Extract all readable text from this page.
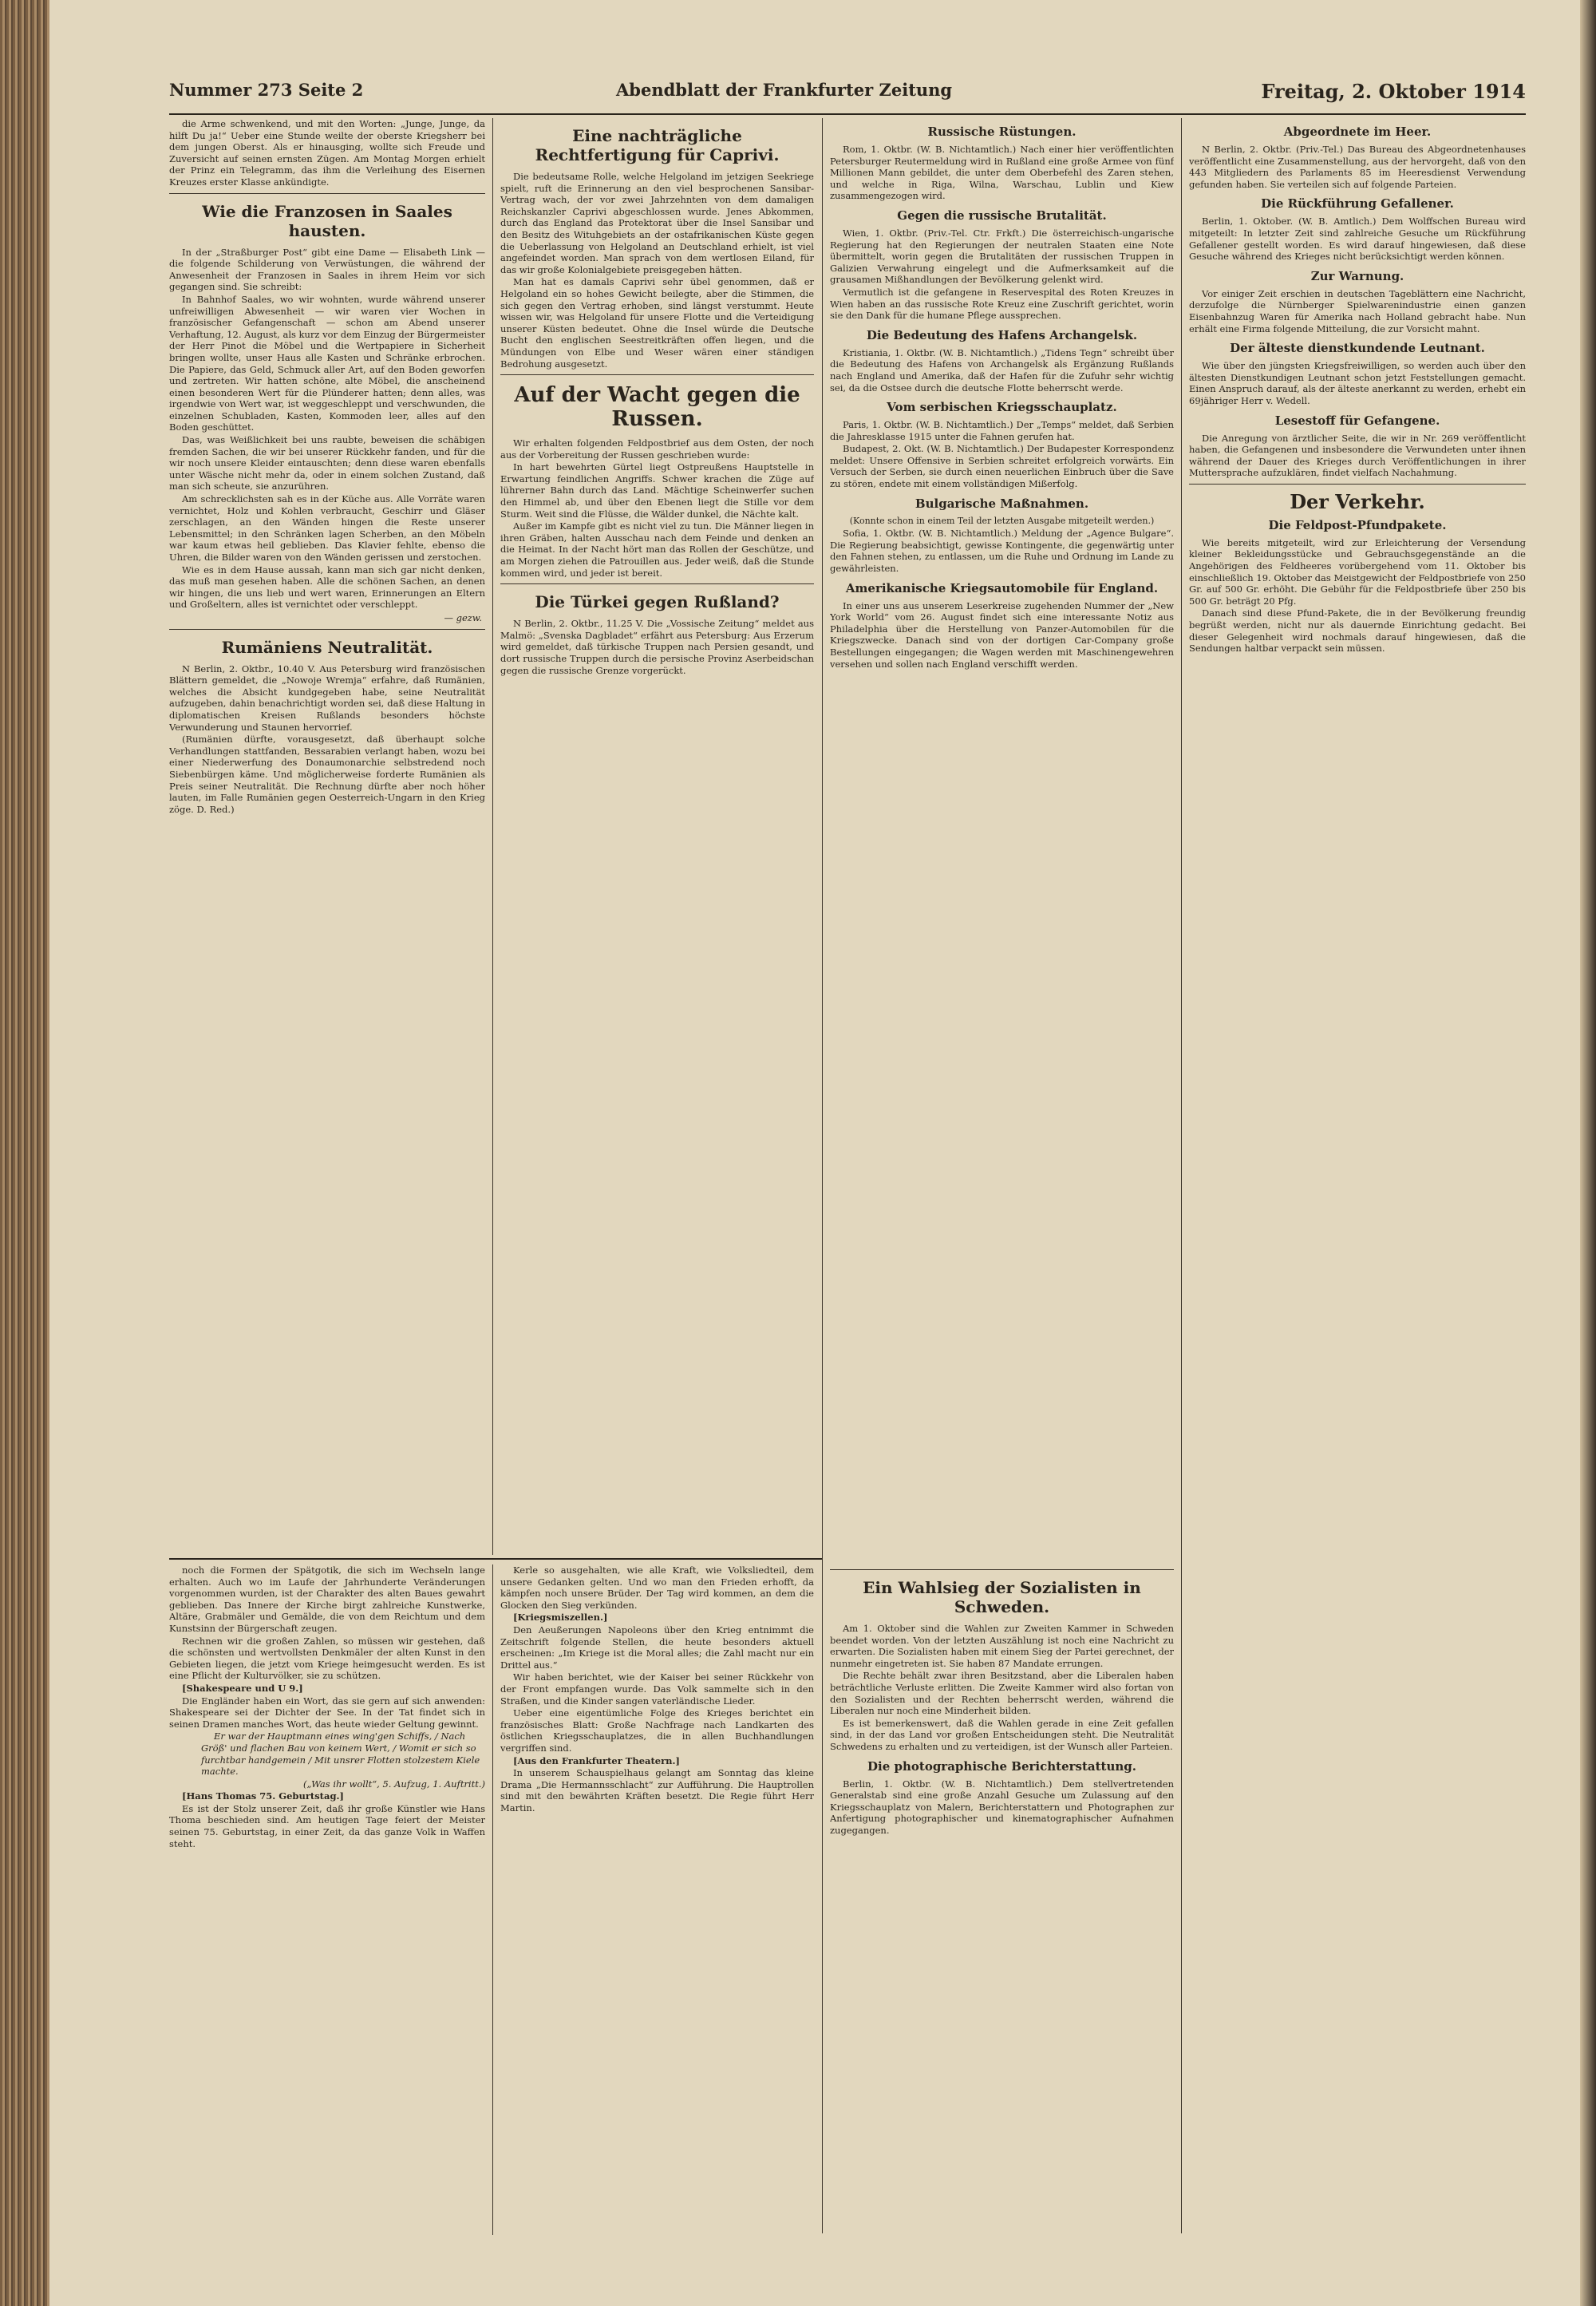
Nummer 273 Seite 2	Abendblatt der Frankfurter Zeitung	Freitag, 2. Oktober 1914

die Arme schwenkend, und mit den Worten: „Junge, Junge, da hilft Du ja!“ Ueber eine Stunde weilte der oberste Kriegsherr bei dem jungen Oberst. Als er hinausging, wollte sich Freude und Zuversicht auf seinen ernsten Zügen. Am Montag Morgen erhielt der Prinz ein Telegramm, das ihm die Verleihung des Eisernen Kreuzes erster Klasse ankündigte.

Wie die Franzosen in Saales hausten.

In der „Straßburger Post“ gibt eine Dame — Elisabeth Link — die folgende Schilderung von Verwüstungen, die während der Anwesenheit der Franzosen in Saales in ihrem Heim vor sich gegangen sind. Sie schreibt:

In Bahnhof Saales, wo wir wohnten, wurde während unserer unfreiwilligen Abwesenheit — wir waren vier Wochen in französischer Gefangenschaft — schon am Abend unserer Verhaftung, 12. August, als kurz vor dem Einzug der Bürgermeister der Herr Pinot die Möbel und die Wertpapiere in Sicherheit bringen wollte, unser Haus alle Kasten und Schränke erbrochen. Die Papiere, das Geld, Schmuck aller Art, auf den Boden geworfen und zertreten. Wir hatten schöne, alte Möbel, die anscheinend einen besonderen Wert für die Plünderer hatten; denn alles, was irgendwie von Wert war, ist weggeschleppt und verschwunden, die einzelnen Schubladen, Kasten, Kommoden leer, alles auf den Boden geschüttet.

Das, was Weißlichkeit bei uns raubte, beweisen die schäbigen fremden Sachen, die wir bei unserer Rückkehr fanden, und für die wir noch unsere Kleider eintauschten; denn diese waren ebenfalls unter Wäsche nicht mehr da, oder in einem solchen Zustand, daß man sich scheute, sie anzurühren.

Am schrecklichsten sah es in der Küche aus. Alle Vorräte waren vernichtet, Holz und Kohlen verbraucht, Geschirr und Gläser zerschlagen, an den Wänden hingen die Reste unserer Lebensmittel; in den Schränken lagen Scherben, an den Möbeln war kaum etwas heil geblieben. Das Klavier fehlte, ebenso die Uhren, die Bilder waren von den Wänden gerissen und zerstochen.

Wie es in dem Hause aussah, kann man sich gar nicht denken, das muß man gesehen haben. Alle die schönen Sachen, an denen wir hingen, die uns lieb und wert waren, Erinnerungen an Eltern und Großeltern, alles ist vernichtet oder verschleppt.

— gezw.
Rumäniens Neutralität.

N Berlin, 2. Oktbr., 10.40 V. Aus Petersburg wird französischen Blättern gemeldet, die „Nowoje Wremja“ erfahre, daß Rumänien, welches die Absicht kundgegeben habe, seine Neutralität aufzugeben, dahin benachrichtigt worden sei, daß diese Haltung in diplomatischen Kreisen Rußlands besonders höchste Verwunderung und Staunen hervorrief.

(Rumänien dürfte, vorausgesetzt, daß überhaupt solche Verhandlungen stattfanden, Bessarabien verlangt haben, wozu bei einer Niederwerfung des Donaumonarchie selbstredend noch Siebenbürgen käme. Und möglicherweise forderte Rumänien als Preis seiner Neutralität. Die Rechnung dürfte aber noch höher lauten, im Falle Rumänien gegen Oesterreich-Ungarn in den Krieg zöge. D. Red.)

Eine nachträgliche Rechtfertigung für Caprivi.

Die bedeutsame Rolle, welche Helgoland im jetzigen Seekriege spielt, ruft die Erinnerung an den viel besprochenen Sansibar-Vertrag wach, der vor zwei Jahrzehnten von dem damaligen Reichskanzler Caprivi abgeschlossen wurde. Jenes Abkommen, durch das England das Protektorat über die Insel Sansibar und den Besitz des Wituhgebiets an der ostafrikanischen Küste gegen die Ueberlassung von Helgoland an Deutschland erhielt, ist viel angefeindet worden. Man sprach von dem wertlosen Eiland, für das wir große Kolonialgebiete preisgegeben hätten.

Man hat es damals Caprivi sehr übel genommen, daß er Helgoland ein so hohes Gewicht beilegte, aber die Stimmen, die sich gegen den Vertrag erhoben, sind längst verstummt. Heute wissen wir, was Helgoland für unsere Flotte und die Verteidigung unserer Küsten bedeutet. Ohne die Insel würde die Deutsche Bucht den englischen Seestreitkräften offen liegen, und die Mündungen von Elbe und Weser wären einer ständigen Bedrohung ausgesetzt.

Auf der Wacht gegen die Russen.

Wir erhalten folgenden Feldpostbrief aus dem Osten, der noch aus der Vorbereitung der Russen geschrieben wurde:

In hart bewehrten Gürtel liegt Ostpreußens Hauptstelle in Erwartung feindlichen Angriffs. Schwer krachen die Züge auf lührerner Bahn durch das Land. Mächtige Scheinwerfer suchen den Himmel ab, und über den Ebenen liegt die Stille vor dem Sturm. Weit sind die Flüsse, die Wälder dunkel, die Nächte kalt.

Außer im Kampfe gibt es nicht viel zu tun. Die Männer liegen in ihren Gräben, halten Ausschau nach dem Feinde und denken an die Heimat. In der Nacht hört man das Rollen der Geschütze, und am Morgen ziehen die Patrouillen aus. Jeder weiß, daß die Stunde kommen wird, und jeder ist bereit.

Die Türkei gegen Rußland?

N Berlin, 2. Oktbr., 11.25 V. Die „Vossische Zeitung“ meldet aus Malmö: „Svenska Dagbladet“ erfährt aus Petersburg: Aus Erzerum wird gemeldet, daß türkische Truppen nach Persien gesandt, und dort russische Truppen durch die persische Provinz Aserbeidschan gegen die russische Grenze vorgerückt.

Russische Rüstungen.

Rom, 1. Oktbr. (W. B. Nichtamtlich.) Nach einer hier veröffentlichten Petersburger Reutermeldung wird in Rußland eine große Armee von fünf Millionen Mann gebildet, die unter dem Oberbefehl des Zaren stehen, und welche in Riga, Wilna, Warschau, Lublin und Kiew zusammengezogen wird.

Gegen die russische Brutalität.

Wien, 1. Oktbr. (Priv.-Tel. Ctr. Frkft.) Die österreichisch-ungarische Regierung hat den Regierungen der neutralen Staaten eine Note übermittelt, worin gegen die Brutalitäten der russischen Truppen in Galizien Verwahrung eingelegt und die Aufmerksamkeit auf die grausamen Mißhandlungen der Bevölkerung gelenkt wird.

Vermutlich ist die gefangene in Reservespital des Roten Kreuzes in Wien haben an das russische Rote Kreuz eine Zuschrift gerichtet, worin sie den Dank für die humane Pflege aussprechen.

Die Bedeutung des Hafens Archangelsk.

Kristiania, 1. Oktbr. (W. B. Nichtamtlich.) „Tidens Tegn“ schreibt über die Bedeutung des Hafens von Archangelsk als Ergänzung Rußlands nach England und Amerika, daß der Hafen für die Zufuhr sehr wichtig sei, da die Ostsee durch die deutsche Flotte beherrscht werde.

Vom serbischen Kriegsschauplatz.

Paris, 1. Oktbr. (W. B. Nichtamtlich.) Der „Temps“ meldet, daß Serbien die Jahresklasse 1915 unter die Fahnen gerufen hat.

Budapest, 2. Okt. (W. B. Nichtamtlich.) Der Budapester Korrespondenz meldet: Unsere Offensive in Serbien schreitet erfolgreich vorwärts. Ein Versuch der Serben, sie durch einen neuerlichen Einbruch über die Save zu stören, endete mit einem vollständigen Mißerfolg.

Bulgarische Maßnahmen.

(Konnte schon in einem Teil der letzten Ausgabe mitgeteilt werden.)

Sofia, 1. Oktbr. (W. B. Nichtamtlich.) Meldung der „Agence Bulgare“. Die Regierung beabsichtigt, gewisse Kontingente, die gegenwärtig unter den Fahnen stehen, zu entlassen, um die Ruhe und Ordnung im Lande zu gewährleisten.

Amerikanische Kriegsautomobile für England.

In einer uns aus unserem Leserkreise zugehenden Nummer der „New York World“ vom 26. August findet sich eine interessante Notiz aus Philadelphia über die Herstellung von Panzer-Automobilen für die Kriegszwecke. Danach sind von der dortigen Car-Company große Bestellungen eingegangen; die Wagen werden mit Maschinengewehren versehen und sollen nach England verschifft werden.

Abgeordnete im Heer.

N Berlin, 2. Oktbr. (Priv.-Tel.) Das Bureau des Abgeordnetenhauses veröffentlicht eine Zusammenstellung, aus der hervorgeht, daß von den 443 Mitgliedern des Parlaments 85 im Heeresdienst Verwendung gefunden haben. Sie verteilen sich auf folgende Parteien.

Die Rückführung Gefallener.

Berlin, 1. Oktober. (W. B. Amtlich.) Dem Wolffschen Bureau wird mitgeteilt: In letzter Zeit sind zahlreiche Gesuche um Rückführung Gefallener gestellt worden. Es wird darauf hingewiesen, daß diese Gesuche während des Krieges nicht berücksichtigt werden können.

Zur Warnung.

Vor einiger Zeit erschien in deutschen Tageblättern eine Nachricht, derzufolge die Nürnberger Spielwarenindustrie einen ganzen Eisenbahnzug Waren für Amerika nach Holland gebracht habe. Nun erhält eine Firma folgende Mitteilung, die zur Vorsicht mahnt.

Der älteste dienstkundende Leutnant.

Wie über den jüngsten Kriegsfreiwilligen, so werden auch über den ältesten Dienstkundigen Leutnant schon jetzt Feststellungen gemacht. Einen Anspruch darauf, als der älteste anerkannt zu werden, erhebt ein 69jähriger Herr v. Wedell.

Lesestoff für Gefangene.

Die Anregung von ärztlicher Seite, die wir in Nr. 269 veröffentlicht haben, die Gefangenen und insbesondere die Verwundeten unter ihnen während der Dauer des Krieges durch Veröffentlichungen in ihrer Muttersprache aufzuklären, findet vielfach Nachahmung.

Der Verkehr.
Die Feldpost-Pfundpakete.

Wie bereits mitgeteilt, wird zur Erleichterung der Versendung kleiner Bekleidungsstücke und Gebrauchsgegenstände an die Angehörigen des Feldheeres vorübergehend vom 11. Oktober bis einschließlich 19. Oktober das Meistgewicht der Feldpostbriefe von 250 Gr. auf 500 Gr. erhöht. Die Gebühr für die Feldpostbriefe über 250 bis 500 Gr. beträgt 20 Pfg.

Danach sind diese Pfund-Pakete, die in der Bevölkerung freundig begrüßt werden, nicht nur als dauernde Einrichtung gedacht. Bei dieser Gelegenheit wird nochmals darauf hingewiesen, daß die Sendungen haltbar verpackt sein müssen.

noch die Formen der Spätgotik, die sich im Wechseln lange erhalten. Auch wo im Laufe der Jahrhunderte Veränderungen vorgenommen wurden, ist der Charakter des alten Baues gewahrt geblieben. Das Innere der Kirche birgt zahlreiche Kunstwerke, Altäre, Grabmäler und Gemälde, die von dem Reichtum und dem Kunstsinn der Bürgerschaft zeugen.

Rechnen wir die großen Zahlen, so müssen wir gestehen, daß die schönsten und wertvollsten Denkmäler der alten Kunst in den Gebieten liegen, die jetzt vom Kriege heimgesucht werden. Es ist eine Pflicht der Kulturvölker, sie zu schützen.

[Shakespeare und U 9.]

Die Engländer haben ein Wort, das sie gern auf sich anwenden: Shakespeare sei der Dichter der See. In der Tat findet sich in seinen Dramen manches Wort, das heute wieder Geltung gewinnt.

Er war der Hauptmann eines wing'gen Schiffs, / Nach Größ' und flachen Bau von keinem Wert, / Womit er sich so furchtbar handgemein / Mit unsrer Flotten stolzestem Kiele machte.

(„Was ihr wollt“, 5. Aufzug, 1. Auftritt.)

[Hans Thomas 75. Geburtstag.]

Es ist der Stolz unserer Zeit, daß ihr große Künstler wie Hans Thoma beschieden sind. Am heutigen Tage feiert der Meister seinen 75. Geburtstag, in einer Zeit, da das ganze Volk in Waffen steht.

Kerle so ausgehalten, wie alle Kraft, wie Volksliedteil, dem unsere Gedanken gelten. Und wo man den Frieden erhofft, da kämpfen noch unsere Brüder. Der Tag wird kommen, an dem die Glocken den Sieg verkünden.

[Kriegsmiszellen.]

Den Aeußerungen Napoleons über den Krieg entnimmt die Zeitschrift folgende Stellen, die heute besonders aktuell erscheinen: „Im Kriege ist die Moral alles; die Zahl macht nur ein Drittel aus.“

Wir haben berichtet, wie der Kaiser bei seiner Rückkehr von der Front empfangen wurde. Das Volk sammelte sich in den Straßen, und die Kinder sangen vaterländische Lieder.

Ueber eine eigentümliche Folge des Krieges berichtet ein französisches Blatt: Große Nachfrage nach Landkarten des östlichen Kriegsschauplatzes, die in allen Buchhandlungen vergriffen sind.

[Aus den Frankfurter Theatern.]

In unserem Schauspielhaus gelangt am Sonntag das kleine Drama „Die Hermannsschlacht“ zur Aufführung. Die Hauptrollen sind mit den bewährten Kräften besetzt. Die Regie führt Herr Martin.

Ein Wahlsieg der Sozialisten in Schweden.

Am 1. Oktober sind die Wahlen zur Zweiten Kammer in Schweden beendet worden. Von der letzten Auszählung ist noch eine Nachricht zu erwarten. Die Sozialisten haben mit einem Sieg der Partei gerechnet, der nunmehr eingetreten ist. Sie haben 87 Mandate errungen.

Die Rechte behält zwar ihren Besitzstand, aber die Liberalen haben beträchtliche Verluste erlitten. Die Zweite Kammer wird also fortan von den Sozialisten und der Rechten beherrscht werden, während die Liberalen nur noch eine Minderheit bilden.

Es ist bemerkenswert, daß die Wahlen gerade in eine Zeit gefallen sind, in der das Land vor großen Entscheidungen steht. Die Neutralität Schwedens zu erhalten und zu verteidigen, ist der Wunsch aller Parteien.

Die photographische Berichterstattung.

Berlin, 1. Oktbr. (W. B. Nichtamtlich.) Dem stellvertretenden Generalstab sind eine große Anzahl Gesuche um Zulassung auf den Kriegsschauplatz von Malern, Berichterstattern und Photographen zur Anfertigung photographischer und kinematographischer Aufnahmen zugegangen.
